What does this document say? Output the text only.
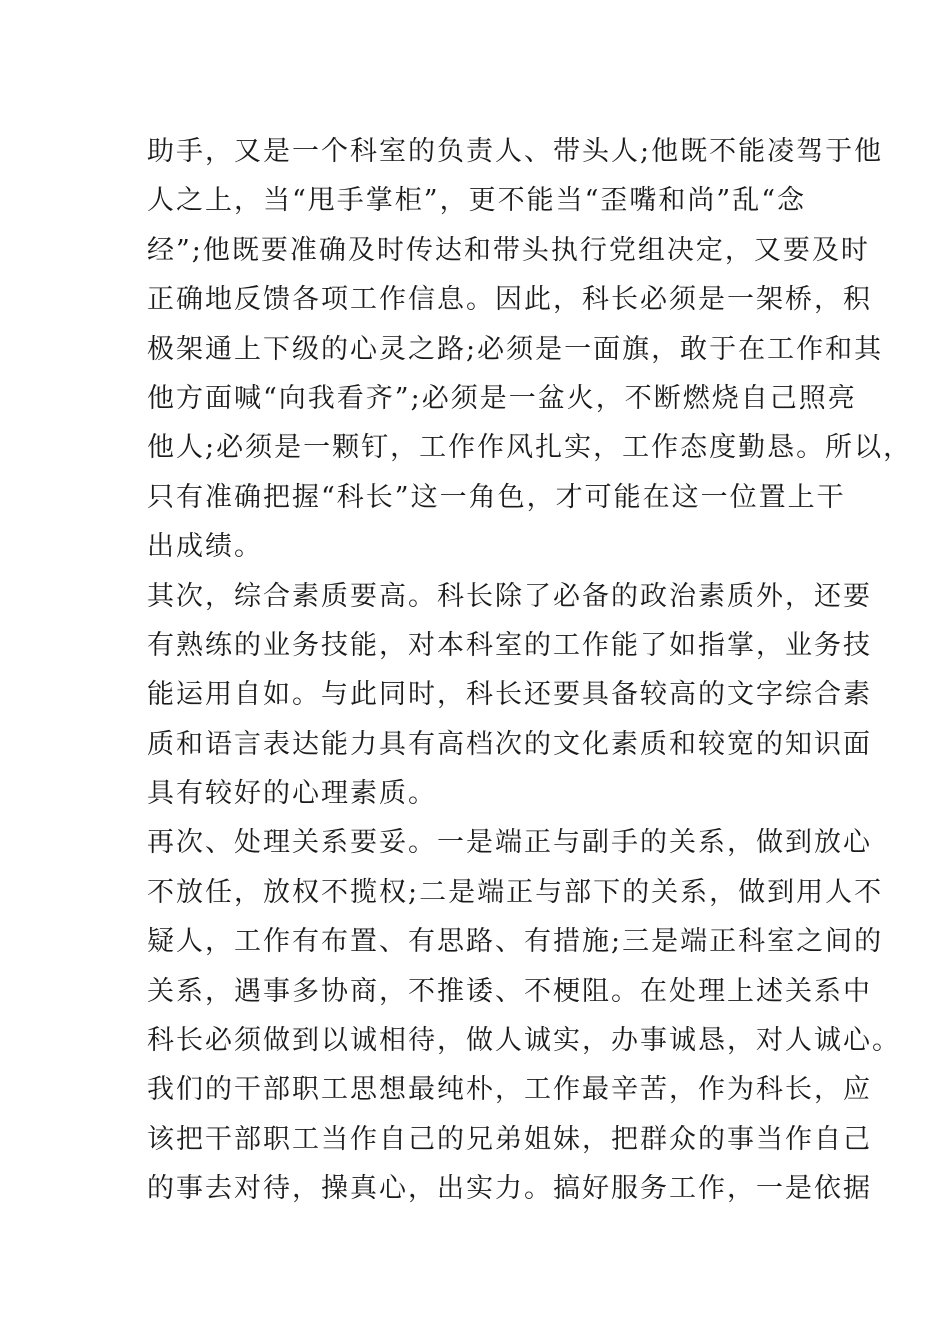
助手，又是一个科室的负责人、带头人;他既不能凌驾于他
人之上，当“甩手掌柜”，更不能当“歪嘴和尚”乱“念
经”;他既要准确及时传达和带头执行党组决定，又要及时
正确地反馈各项工作信息。因此，科长必须是一架桥，积
极架通上下级的心灵之路;必须是一面旗，敢于在工作和其
他方面喊“向我看齐”;必须是一盆火，不断燃烧自己照亮
他人;必须是一颗钉，工作作风扎实，工作态度勤恳。所以，
只有准确把握“科长”这一角色，才可能在这一位置上干
出成绩。
其次，综合素质要高。科长除了必备的政治素质外，还要
有熟练的业务技能，对本科室的工作能了如指掌，业务技
能运用自如。与此同时，科长还要具备较高的文字综合素
质和语言表达能力具有高档次的文化素质和较宽的知识面
具有较好的心理素质。
再次、处理关系要妥。一是端正与副手的关系，做到放心
不放任，放权不揽权;二是端正与部下的关系，做到用人不
疑人，工作有布置、有思路、有措施;三是端正科室之间的
关系，遇事多协商，不推诿、不梗阻。在处理上述关系中
科长必须做到以诚相待，做人诚实，办事诚恳，对人诚心。
我们的干部职工思想最纯朴，工作最辛苦，作为科长，应
该把干部职工当作自己的兄弟姐妹，把群众的事当作自己
的事去对待，操真心，出实力。搞好服务工作，一是依据
